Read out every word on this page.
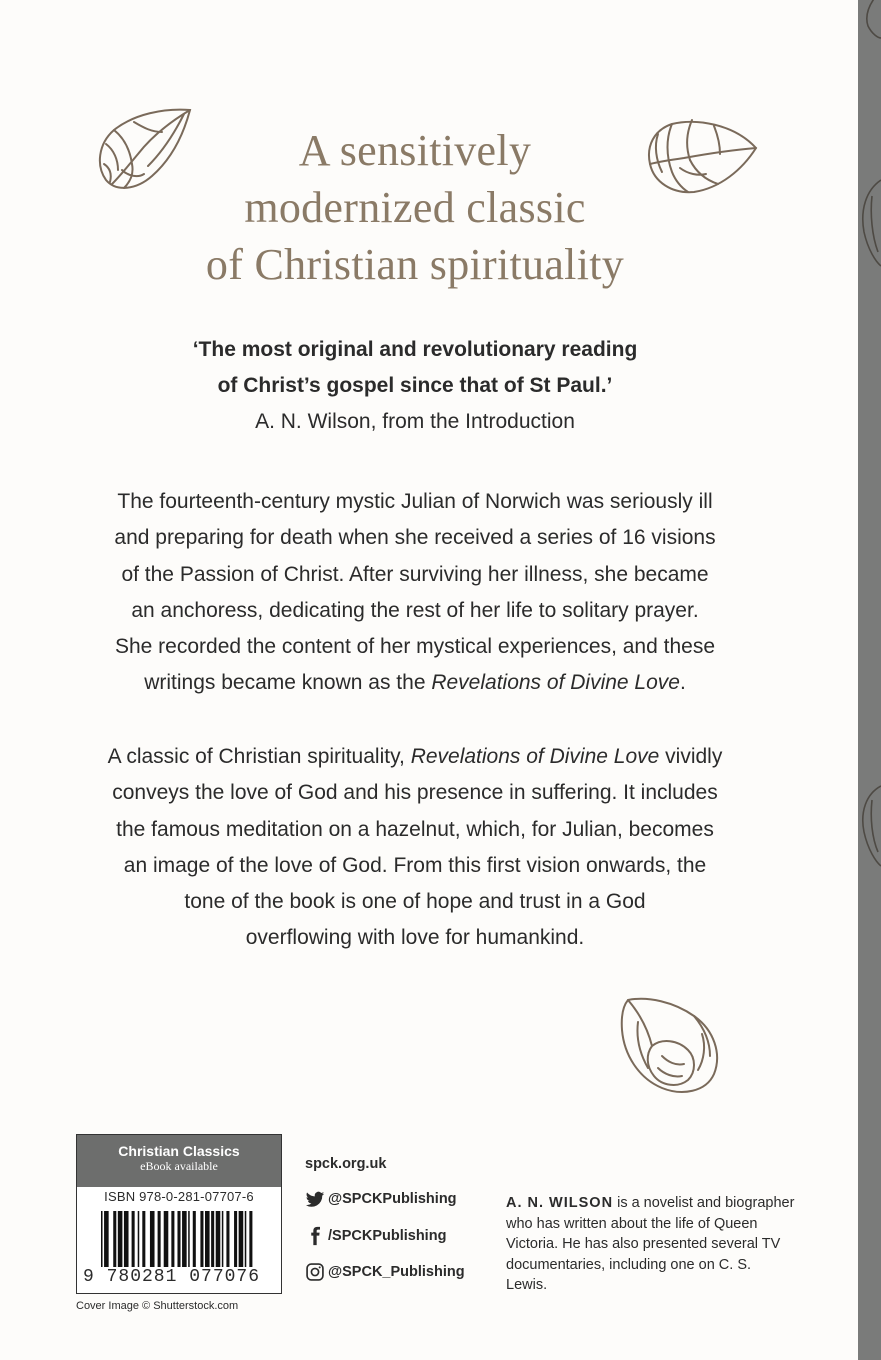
A sensitively
modernized classic
of Christian spirituality
‘The most original and revolutionary reading
of Christ’s gospel since that of St Paul.’
A. N. Wilson, from the Introduction
The fourteenth-century mystic Julian of Norwich was seriously ill
and preparing for death when she received a series of 16 visions
of the Passion of Christ. After surviving her illness, she became
an anchoress, dedicating the rest of her life to solitary prayer.
She recorded the content of her mystical experiences, and these
writings became known as the Revelations of Divine Love.
A classic of Christian spirituality, Revelations of Divine Love vividly
conveys the love of God and his presence in suffering. It includes
the famous meditation on a hazelnut, which, for Julian, becomes
an image of the love of God. From this first vision onwards, the
tone of the book is one of hope and trust in a God
overflowing with love for humankind.
Christian Classics
eBook available
ISBN 978-0-281-07707-6
9 780281 077076
Cover Image © Shutterstock.com
spck.org.uk
@SPCKPublishing
/SPCKPublishing
@SPCK_Publishing
A. N. WILSON is a novelist and biographer who has written about the life of Queen Victoria. He has also presented several TV documentaries, including one on C. S. Lewis.
